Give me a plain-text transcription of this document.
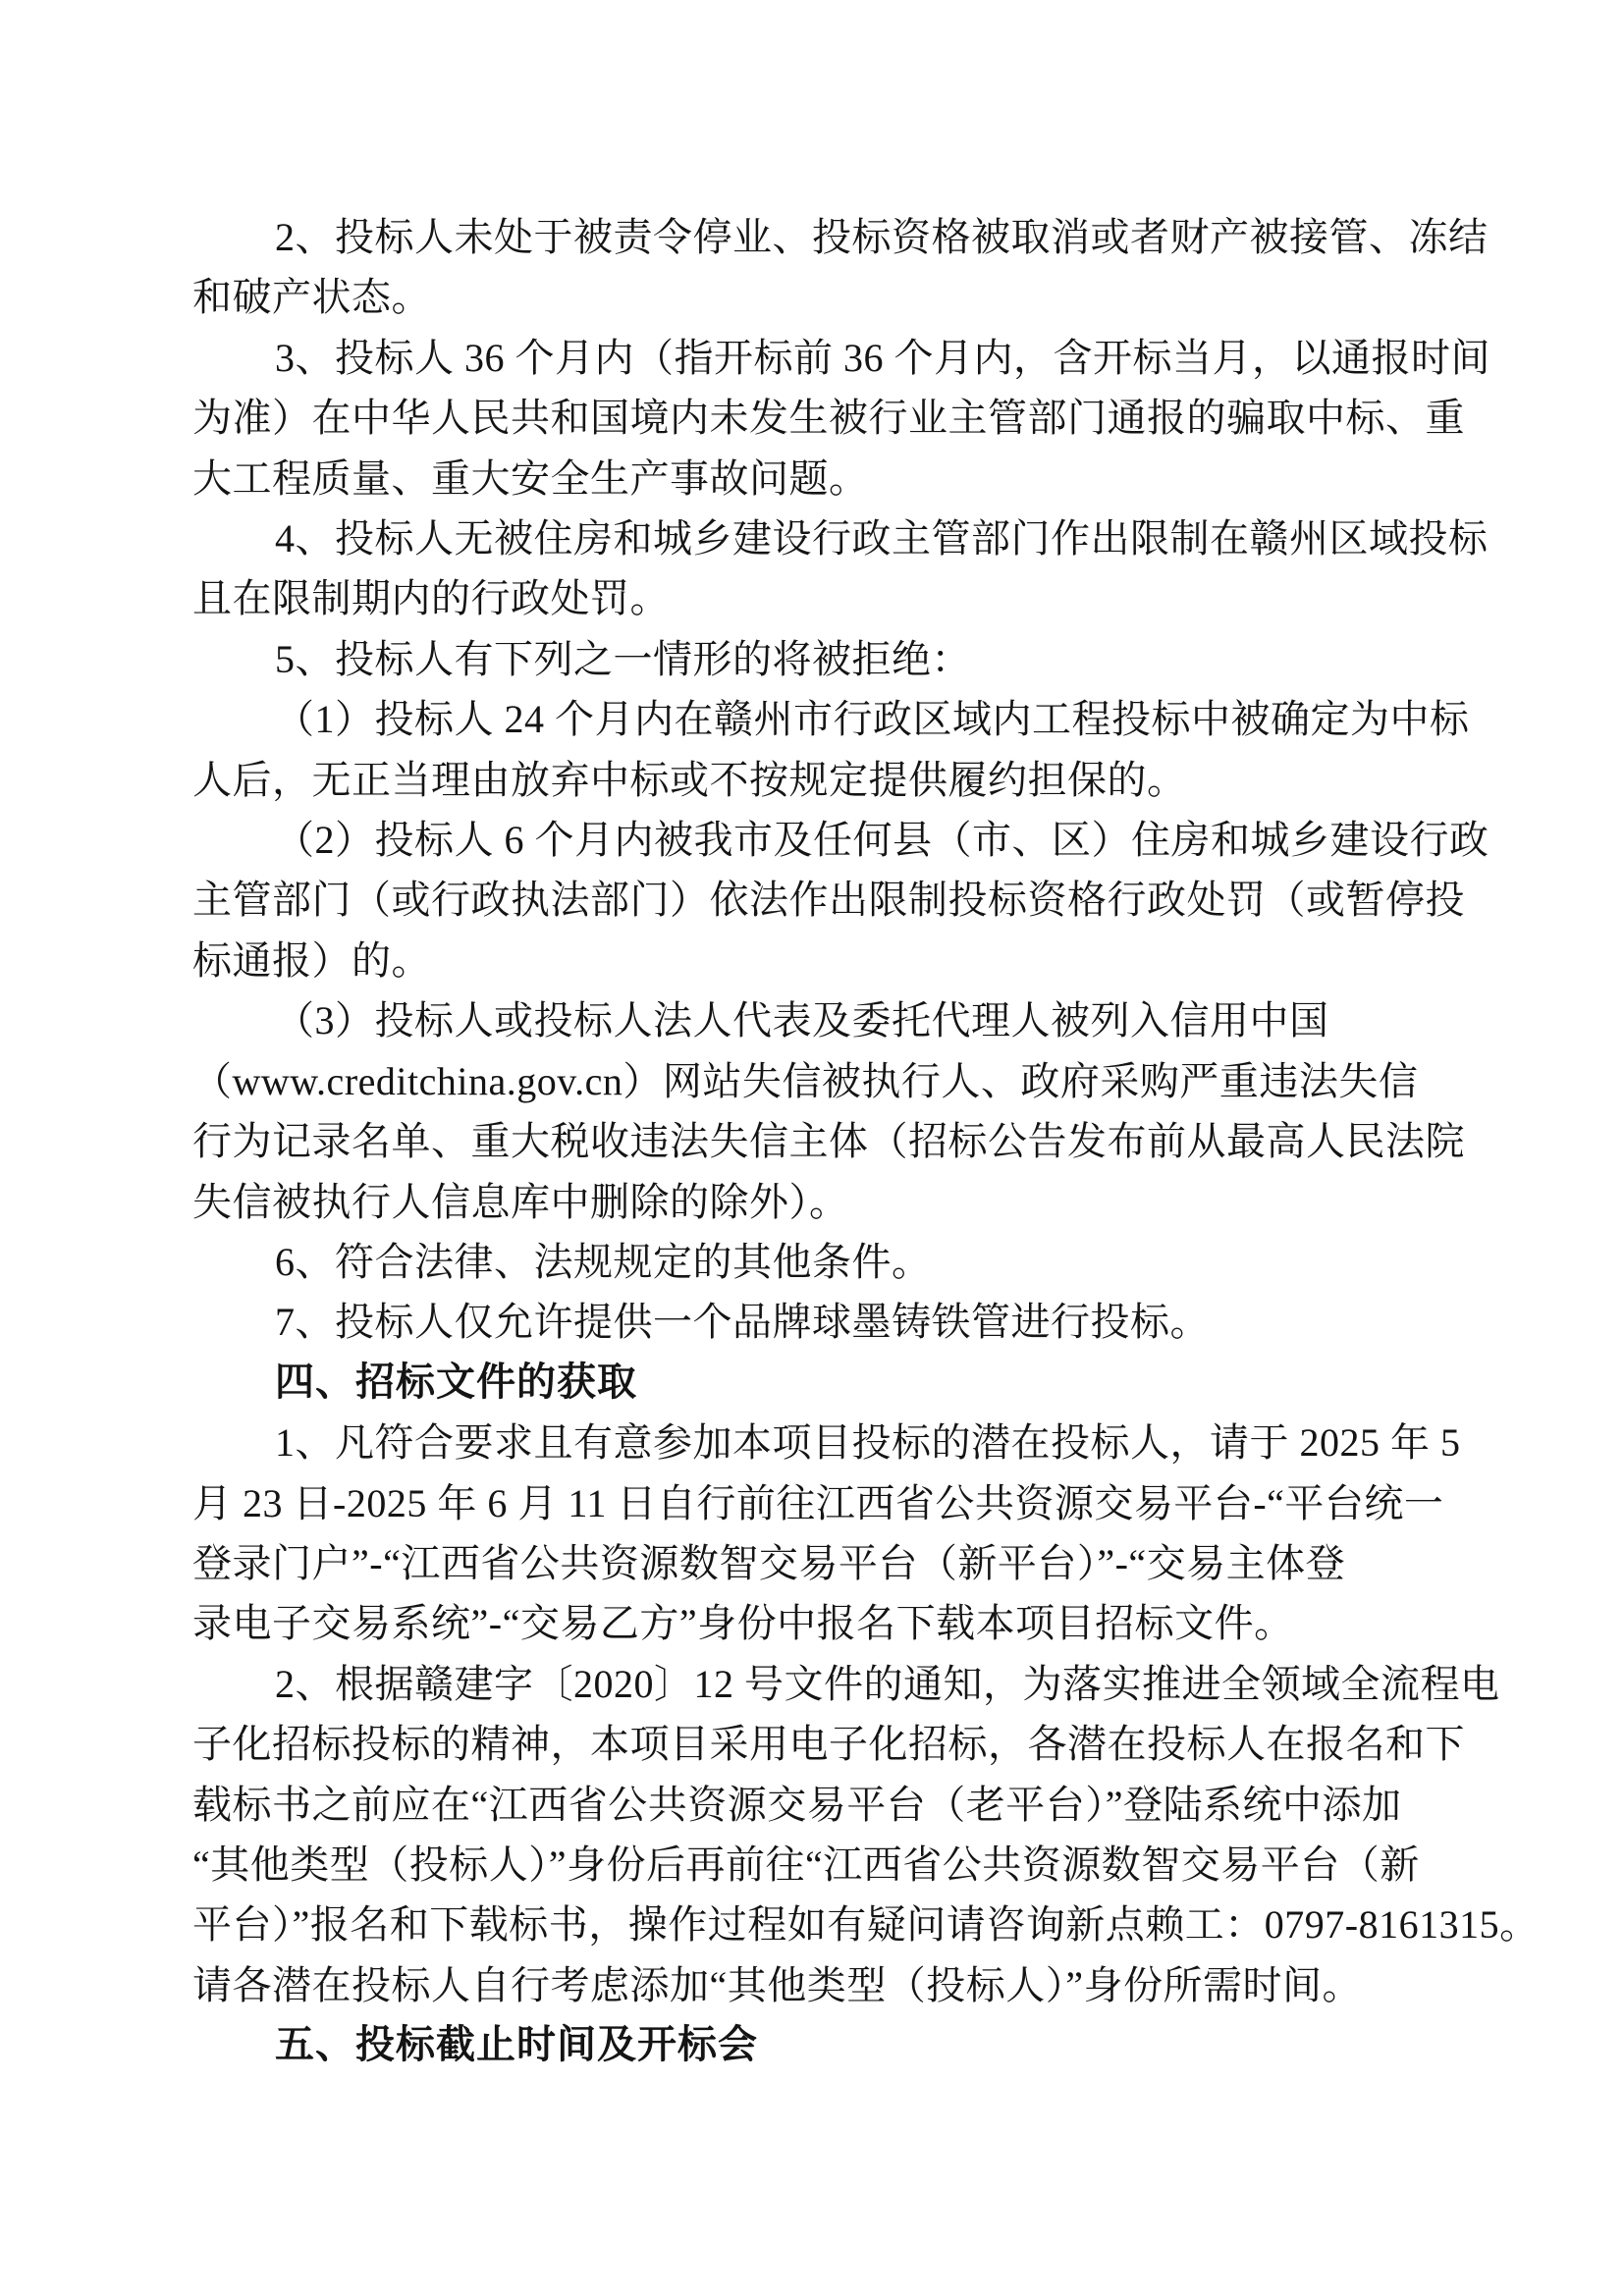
2、投标人未处于被责令停业、投标资格被取消或者财产被接管、冻结
和破产状态。
3、投标人 36 个月内（指开标前 36 个月内，含开标当月，以通报时间
为准）在中华人民共和国境内未发生被行业主管部门通报的骗取中标、重
大工程质量、重大安全生产事故问题。
4、投标人无被住房和城乡建设行政主管部门作出限制在赣州区域投标
且在限制期内的行政处罚。
5、投标人有下列之一情形的将被拒绝：
（1）投标人 24 个月内在赣州市行政区域内工程投标中被确定为中标
人后，无正当理由放弃中标或不按规定提供履约担保的。
（2）投标人 6 个月内被我市及任何县（市、区）住房和城乡建设行政
主管部门（或行政执法部门）依法作出限制投标资格行政处罚（或暂停投
标通报）的。
（3）投标人或投标人法人代表及委托代理人被列入信用中国
（www.creditchina.gov.cn）网站失信被执行人、政府采购严重违法失信
行为记录名单、重大税收违法失信主体（招标公告发布前从最高人民法院
失信被执行人信息库中删除的除外）。
6、符合法律、法规规定的其他条件。
7、投标人仅允许提供一个品牌球墨铸铁管进行投标。
四、招标文件的获取
1、凡符合要求且有意参加本项目投标的潜在投标人，请于 2025 年 5
月 23 日-2025 年 6 月 11 日自行前往江西省公共资源交易平台-“平台统一
登录门户”-“江西省公共资源数智交易平台（新平台）”-“交易主体登
录电子交易系统”-“交易乙方”身份中报名下载本项目招标文件。
2、根据赣建字〔2020〕12 号文件的通知，为落实推进全领域全流程电
子化招标投标的精神，本项目采用电子化招标，各潜在投标人在报名和下
载标书之前应在“江西省公共资源交易平台（老平台）”登陆系统中添加
“其他类型（投标人）”身份后再前往“江西省公共资源数智交易平台（新
平台）”报名和下载标书，操作过程如有疑问请咨询新点赖工：0797-8161315。
请各潜在投标人自行考虑添加“其他类型（投标人）”身份所需时间。
五、投标截止时间及开标会
